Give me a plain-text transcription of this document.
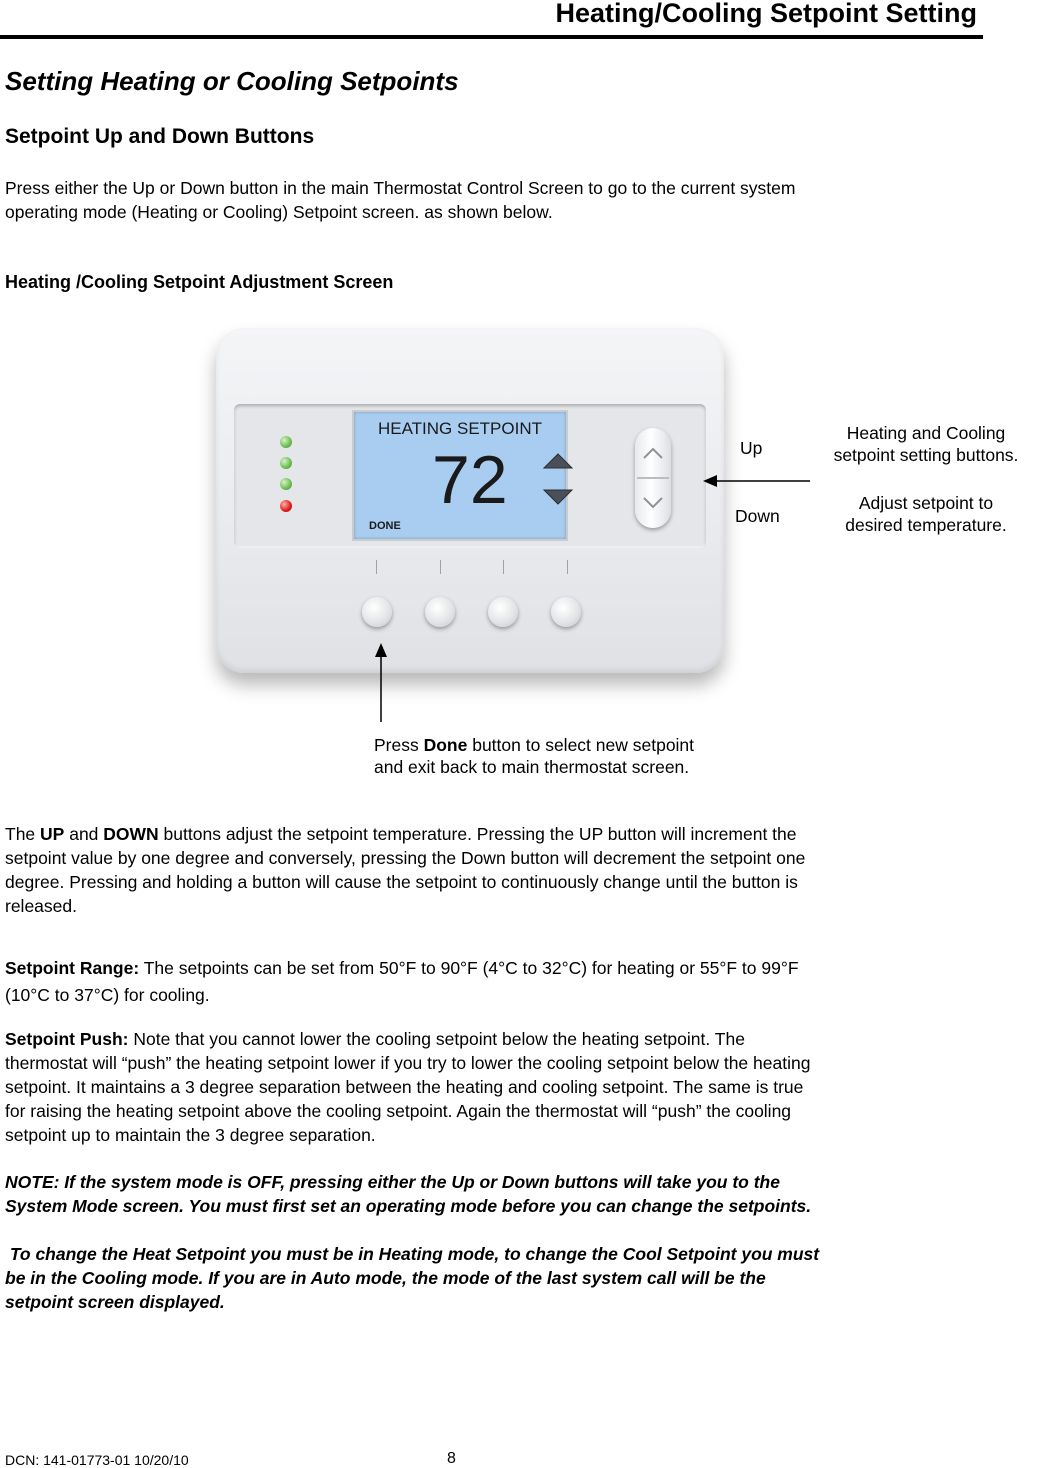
Heating/Cooling Setpoint Setting
Setting Heating or Cooling Setpoints
Setpoint Up and Down Buttons
Press either the Up or Down button in the main Thermostat Control Screen to go to the current system
operating mode (Heating or Cooling) Setpoint screen. as shown below.
Heating /Cooling Setpoint Adjustment Screen
HEATING SETPOINT
72
DONE
Up
Down
Heating and Cooling
setpoint setting buttons.
Adjust setpoint to
desired temperature.
Press Done button to select new setpoint
and exit back to main thermostat screen.
The UP and DOWN buttons adjust the setpoint temperature. Pressing the UP button will increment the
setpoint value by one degree and conversely, pressing the Down button will decrement the setpoint one
degree. Pressing and holding a button will cause the setpoint to continuously change until the button is
released.
Setpoint Range: The setpoints can be set from 50°F to 90°F (4°C to 32°C) for heating or 55°F to 99°F
(10°C to 37°C) for cooling.
Setpoint Push: Note that you cannot lower the cooling setpoint below the heating setpoint. The
thermostat will “push” the heating setpoint lower if you try to lower the cooling setpoint below the heating
setpoint. It maintains a 3 degree separation between the heating and cooling setpoint. The same is true
for raising the heating setpoint above the cooling setpoint. Again the thermostat will “push” the cooling
setpoint up to maintain the 3 degree separation.
NOTE: If the system mode is OFF, pressing either the Up or Down buttons will take you to the
System Mode screen. You must first set an operating mode before you can change the setpoints.
To change the Heat Setpoint you must be in Heating mode, to change the Cool Setpoint you must
be in the Cooling mode. If you are in Auto mode, the mode of the last system call will be the
setpoint screen displayed.
DCN: 141-01773-01 10/20/10	8
